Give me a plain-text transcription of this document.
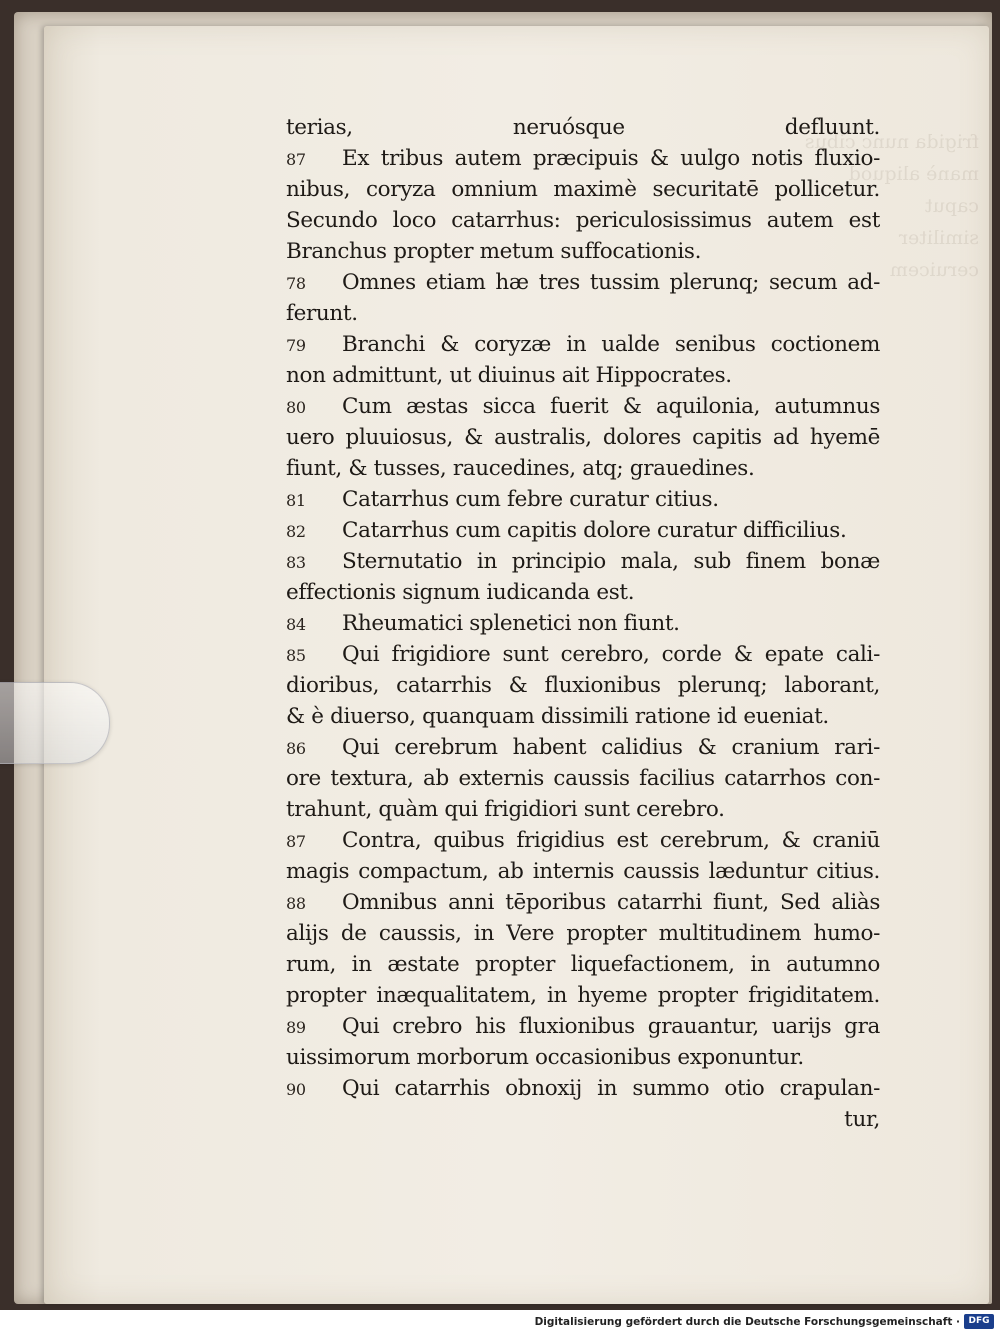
frigida nunc cibus
manè aliquod
caput
similiter
ceruicem

terias, neruósque defluunt.
87 Ex tribus autem præcipuis & uulgo notis fluxio-
nibus, coryza omnium maximè securitatē pollicetur.
Secundo loco catarrhus: periculosissimus autem est
Branchus propter metum suffocationis.
78 Omnes etiam hæ tres tussim plerunq; secum ad-
ferunt.
79 Branchi & coryzæ in ualde senibus coctionem
non admittunt, ut diuinus ait Hippocrates.
80 Cum æstas sicca fuerit & aquilonia, autumnus
uero pluuiosus, & australis, dolores capitis ad hyemē
fiunt, & tusses, raucedines, atq; grauedines.
81 Catarrhus cum febre curatur citius.
82 Catarrhus cum capitis dolore curatur difficilius.
83 Sternutatio in principio mala, sub finem bonæ
effectionis signum iudicanda est.
84 Rheumatici splenetici non fiunt.
85 Qui frigidiore sunt cerebro, corde & epate cali-
dioribus, catarrhis & fluxionibus plerunq; laborant,
& è diuerso, quanquam dissimili ratione id eueniat.
86 Qui cerebrum habent calidius & cranium rari-
ore textura, ab externis caussis facilius catarrhos con-
trahunt, quàm qui frigidiori sunt cerebro.
87 Contra, quibus frigidius est cerebrum, & craniū
magis compactum, ab internis caussis læduntur citius.
88 Omnibus anni tēporibus catarrhi fiunt, Sed aliàs
alijs de caussis, in Vere propter multitudinem humo-
rum, in æstate propter liquefactionem, in autumno
propter inæqualitatem, in hyeme propter frigiditatem.
89 Qui crebro his fluxionibus grauantur, uarijs gra
uissimorum morborum occasionibus exponuntur.
90 Qui catarrhis obnoxij in summo otio crapulan-
tur,
Digitalisierung gefördert durch die Deutsche Forschungsgemeinschaft · DFG
